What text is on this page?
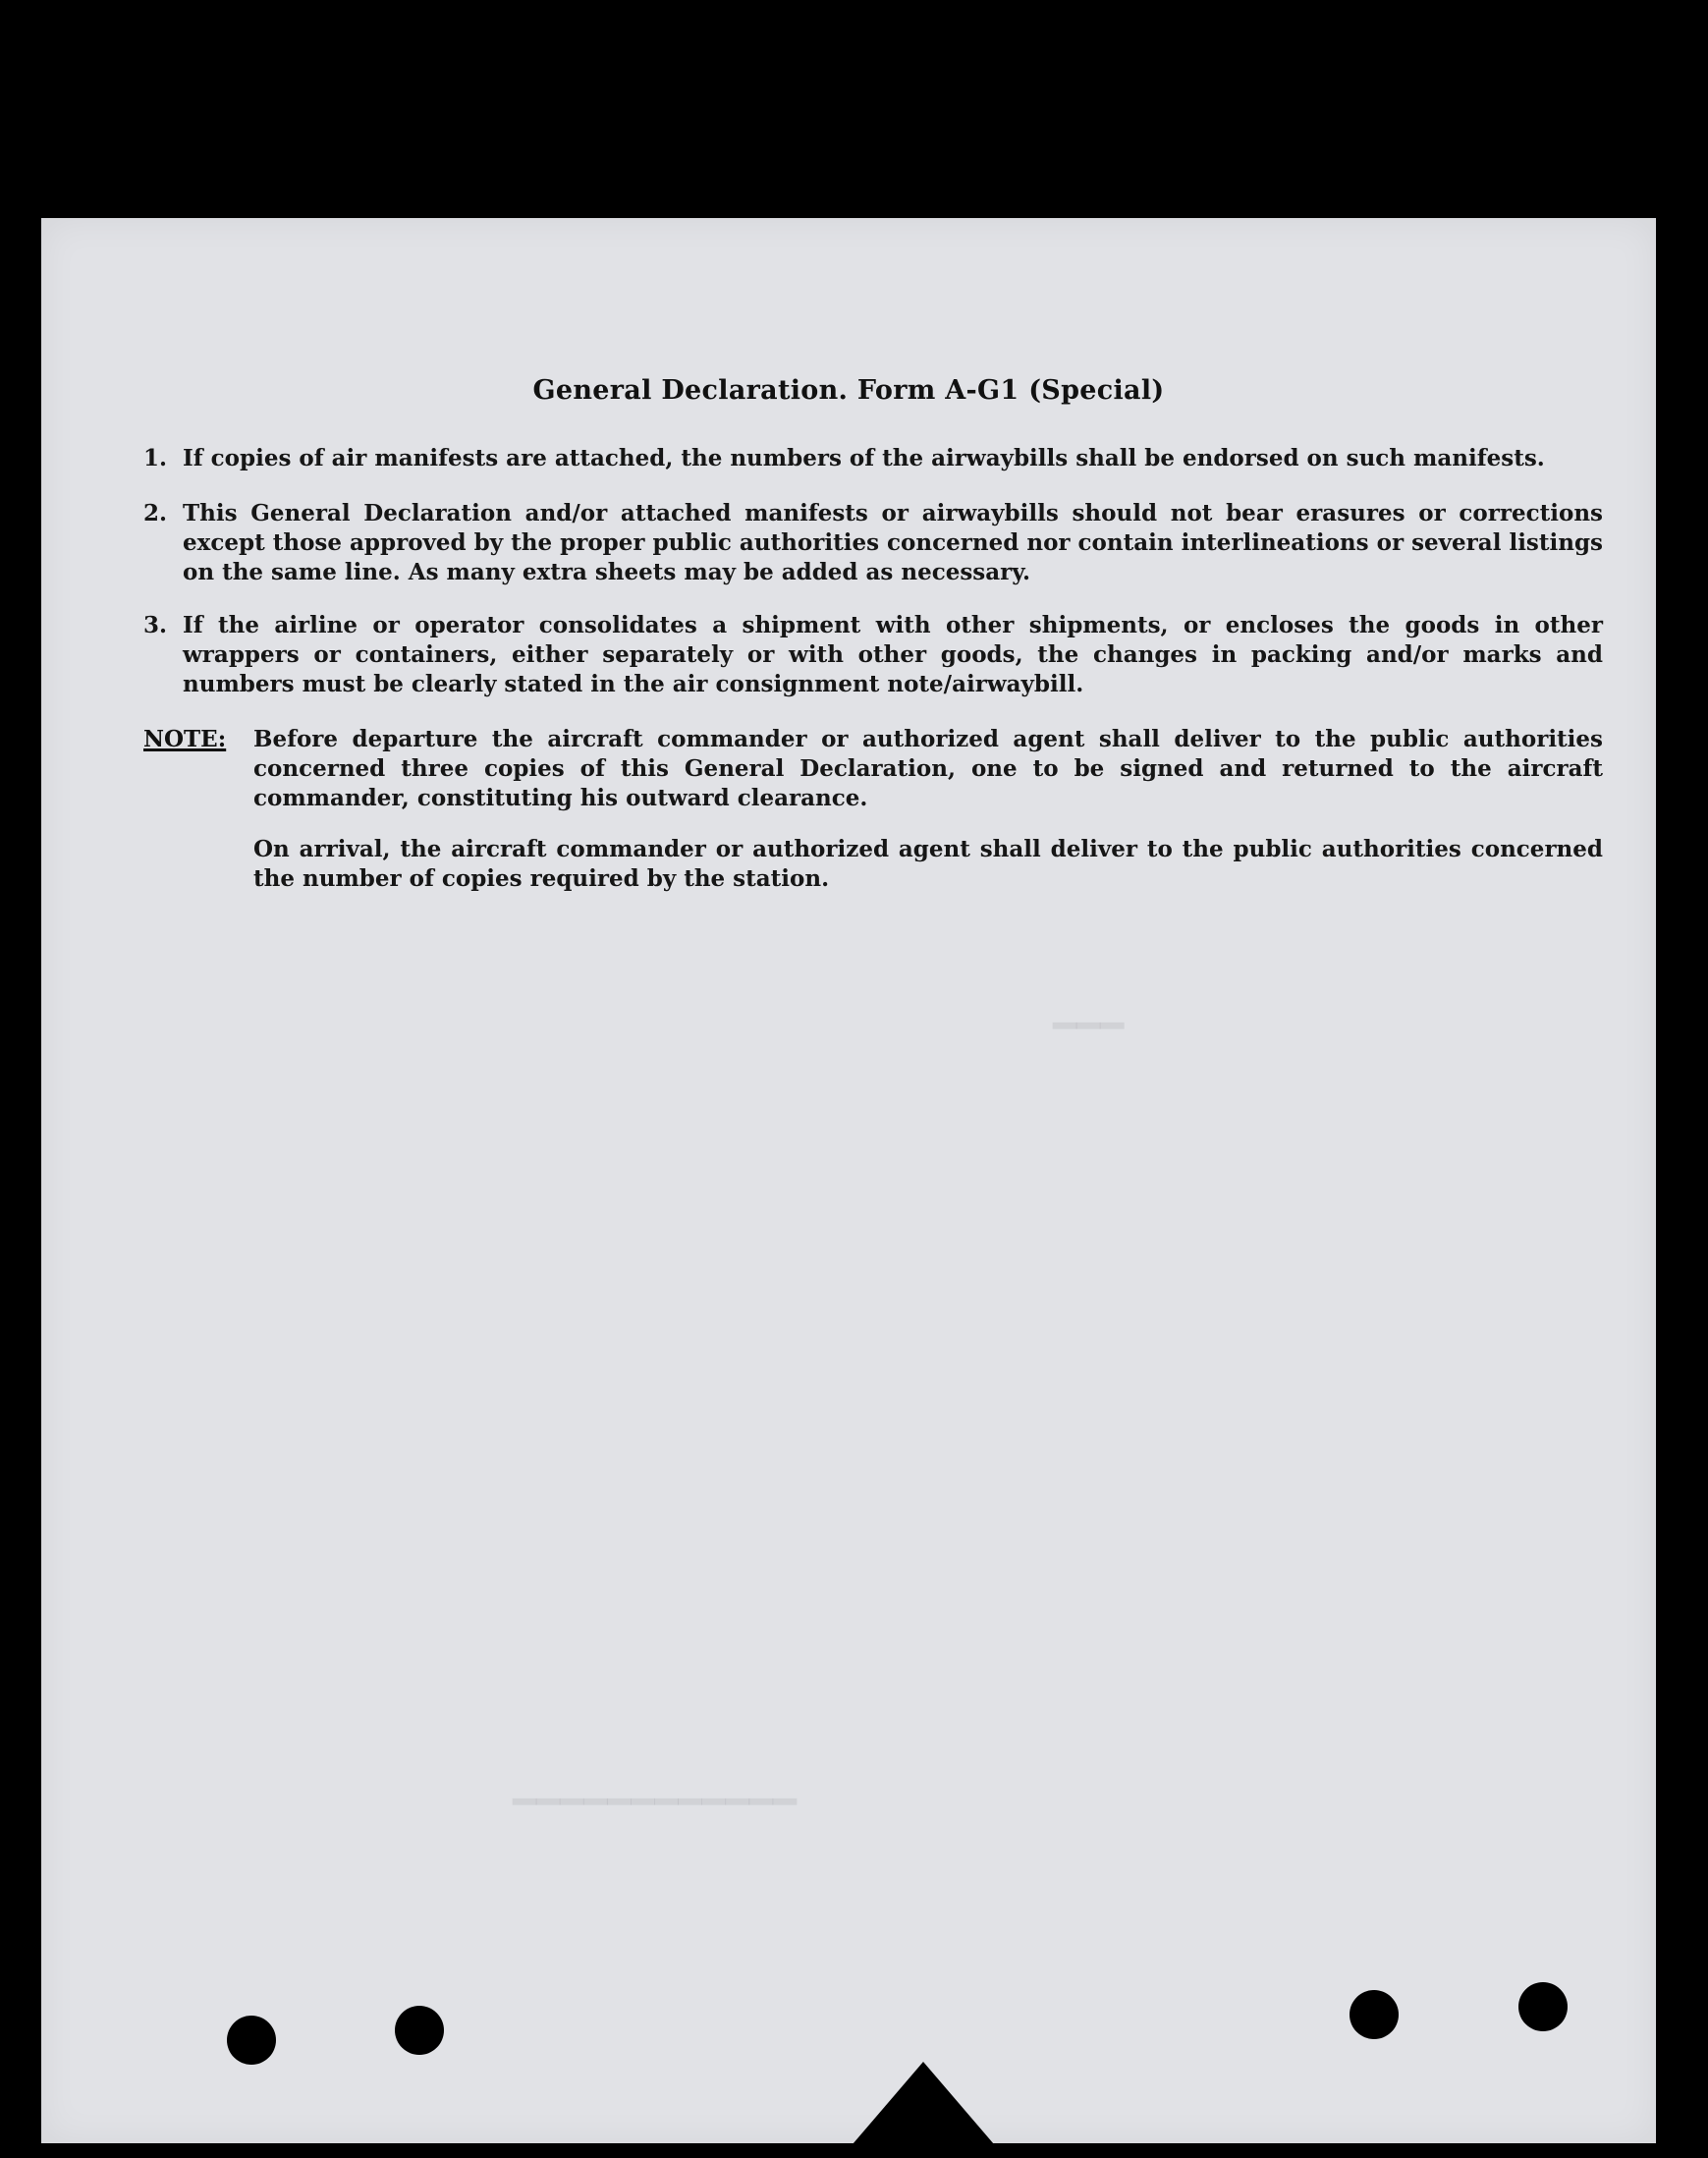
━━━
━━━━━━━━━━━━
General Declaration. Form A-G1 (Special)
1. If copies of air manifests are attached, the numbers of the airwaybills shall be endorsed on such manifests.
2. This General Declaration and/or attached manifests or airwaybills should not bear erasures or corrections except those approved by the proper public authorities concerned nor contain interlineations or several listings on the same line. As many extra sheets may be added as necessary.
3. If the airline or operator consolidates a shipment with other shipments, or encloses the goods in other wrappers or containers, either separately or with other goods, the changes in packing and/or marks and numbers must be clearly stated in the air consignment note/airwaybill.
NOTE: Before departure the aircraft commander or authorized agent shall deliver to the public authorities concerned three copies of this General Declaration, one to be signed and returned to the aircraft commander, constituting his outward clearance.
On arrival, the aircraft commander or authorized agent shall deliver to the public authorities concerned the number of copies required by the station.
